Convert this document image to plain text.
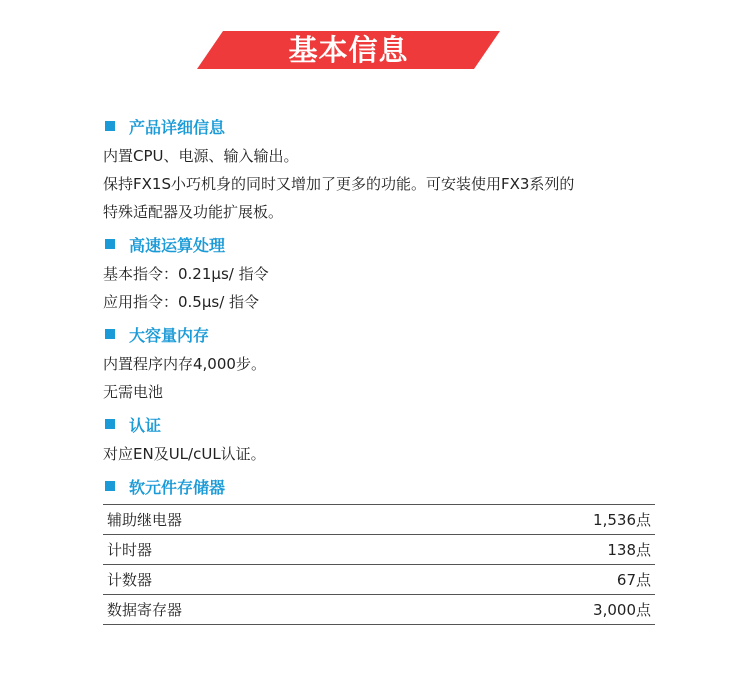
基本信息
产品详细信息
内置CPU、电源、输入输出。
保持FX1S小巧机身的同时又增加了更多的功能。可安装使用FX3系列的
特殊适配器及功能扩展板。
高速运算处理
基本指令：0.21μs/ 指令
应用指令：0.5μs/ 指令
大容量内存
内置程序内存4,000步。
无需电池
认证
对应EN及UL/cUL认证。
软元件存储器
辅助继电器	1,536点
计时器	138点
计数器	67点
数据寄存器	3,000点
